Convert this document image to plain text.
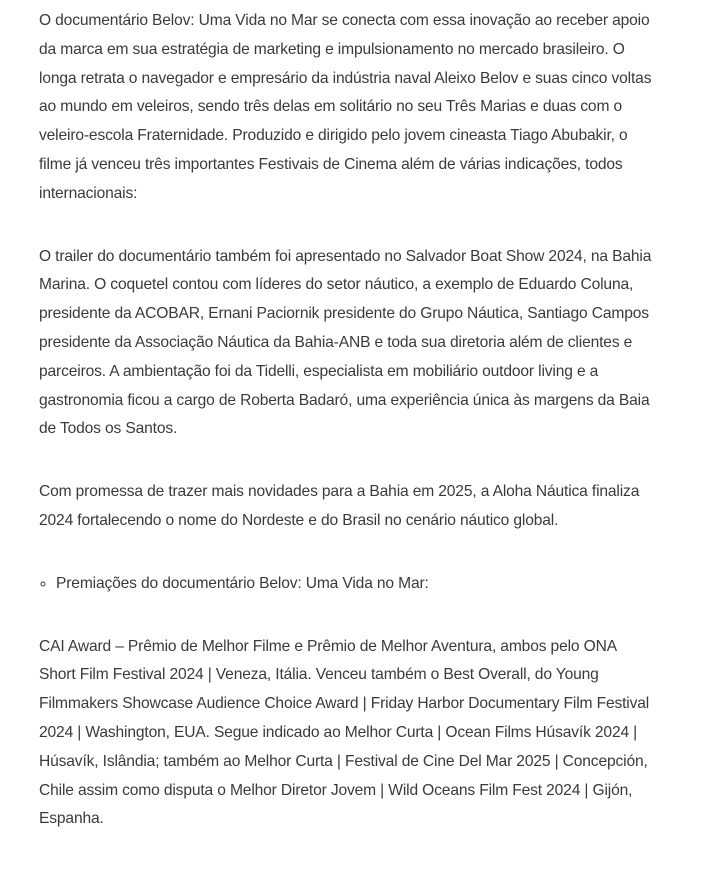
O documentário Belov: Uma Vida no Mar se conecta com essa inovação ao receber apoio da marca em sua estratégia de marketing e impulsionamento no mercado brasileiro. O longa retrata o navegador e empresário da indústria naval Aleixo Belov e suas cinco voltas ao mundo em veleiros, sendo três delas em solitário no seu Três Marias e duas com o veleiro-escola Fraternidade. Produzido e dirigido pelo jovem cineasta Tiago Abubakir, o filme já venceu três importantes Festivais de Cinema além de várias indicações, todos internacionais:

O trailer do documentário também foi apresentado no Salvador Boat Show 2024, na Bahia Marina. O coquetel contou com líderes do setor náutico, a exemplo de Eduardo Coluna, presidente da ACOBAR, Ernani Paciornik presidente do Grupo Náutica, Santiago Campos presidente da Associação Náutica da Bahia-ANB e toda sua diretoria além de clientes e parceiros. A ambientação foi da Tidelli, especialista em mobiliário outdoor living e a gastronomia ficou a cargo de Roberta Badaró, uma experiência única às margens da Baia de Todos os Santos.

Com promessa de trazer mais novidades para a Bahia em 2025, a Aloha Náutica finaliza 2024 fortalecendo o nome do Nordeste e do Brasil no cenário náutico global.

◦ Premiações do documentário Belov: Uma Vida no Mar:

CAI Award – Prêmio de Melhor Filme e Prêmio de Melhor Aventura, ambos pelo ONA Short Film Festival 2024 | Veneza, Itália. Venceu também o Best Overall, do Young Filmmakers Showcase Audience Choice Award | Friday Harbor Documentary Film Festival 2024 | Washington, EUA. Segue indicado ao Melhor Curta | Ocean Films Húsavík 2024 | Húsavík, Islândia; também ao Melhor Curta | Festival de Cine Del Mar 2025 | Concepción, Chile assim como disputa o Melhor Diretor Jovem | Wild Oceans Film Fest 2024 | Gijón, Espanha.
